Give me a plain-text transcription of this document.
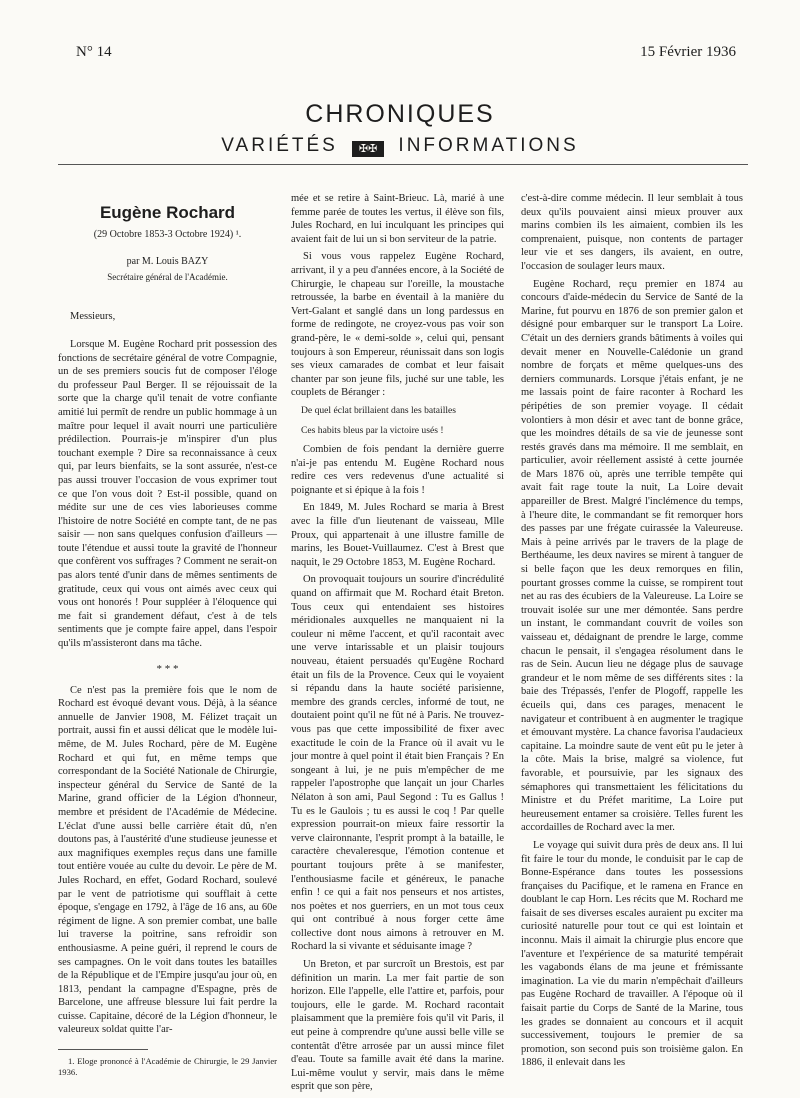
N° 14	15 Février 1936
CHRONIQUES
VARIÉTÉS ✠✠ INFORMATIONS
Eugène Rochard
(29 Octobre 1853-3 Octobre 1924) ¹.
par M. Louis BAZY
Secrétaire général de l'Académie.
Messieurs,

Lorsque M. Eugène Rochard prit possession des fonctions de secrétaire général de votre Compagnie, un de ses premiers soucis fut de composer l'éloge du professeur Paul Berger. Il se réjouissait de la sorte que la charge qu'il tenait de votre confiante amitié lui permît de rendre un public hommage à un maître pour lequel il avait nourri une particulière prédilection. Pourrais-je m'inspirer d'un plus touchant exemple ? Dire sa reconnaissance à ceux qui, par leurs bienfaits, se la sont assurée, n'est-ce pas aussi trouver l'occasion de vous exprimer tout ce que l'on vous doit ? Est-il possible, quand on médite sur une de ces vies laborieuses comme l'histoire de notre Société en compte tant, de ne pas saisir — non sans quelques confusion d'ailleurs — toute l'étendue et aussi toute la gravité de l'honneur que confèrent vos suffrages ? Comment ne serait-on pas alors tenté d'unir dans de mêmes sentiments de gratitude, ceux qui vous ont aimés avec ceux qui vous ont honorés ! Pour suppléer à l'éloquence qui me fait si grandement défaut, c'est à de tels sentiments que je compte faire appel, dans l'espoir qu'ils m'assisteront dans ma tâche.

* * *

Ce n'est pas la première fois que le nom de Rochard est évoqué devant vous. Déjà, à la séance annuelle de Janvier 1908, M. Félizet traçait un portrait, aussi fin et aussi délicat que le modèle lui-même, de M. Jules Rochard, père de M. Eugène Rochard et qui fut, en même temps que correspondant de la Société Nationale de Chirurgie, inspecteur général du Service de Santé de la Marine, grand officier de la Légion d'honneur, membre et président de l'Académie de Médecine. L'éclat d'une aussi belle carrière était dû, n'en doutons pas, à l'austérité d'une studieuse jeunesse et aux magnifiques exemples reçus dans une famille tout entière vouée au culte du devoir. Le père de M. Jules Rochard, en effet, Godard Rochard, soulevé par le vent de patriotisme qui soufflait à cette époque, s'engage en 1792, à l'âge de 16 ans, au 60e régiment de ligne. A son premier combat, une balle lui traverse la poitrine, sans refroidir son enthousiasme. A peine guéri, il reprend le cours de ses campagnes. On le voit dans toutes les batailles de la République et de l'Empire jusqu'au jour où, en 1813, pendant la campagne d'Espagne, près de Barcelone, une affreuse blessure lui fait perdre la cuisse. Capitaine, décoré de la Légion d'honneur, le valeureux soldat quitte l'ar-

1. Eloge prononcé à l'Académie de Chirurgie, le 29 Janvier 1936.

mée et se retire à Saint-Brieuc. Là, marié à une femme parée de toutes les vertus, il élève son fils, Jules Rochard, en lui inculquant les principes qui avaient fait de lui un si bon serviteur de la patrie.

Si vous vous rappelez Eugène Rochard, arrivant, il y a peu d'années encore, à la Société de Chirurgie, le chapeau sur l'oreille, la moustache retroussée, la barbe en éventail à la manière du Vert-Galant et sanglé dans un long pardessus en forme de redingote, ne croyez-vous pas voir son grand-père, le « demi-solde », celui qui, pensant toujours à son Empereur, réunissait dans son logis ses vieux camarades de combat et leur faisait chanter par son jeune fils, juché sur une table, les couplets de Béranger :

De quel éclat brillaient dans les batailles

Ces habits bleus par la victoire usés !

Combien de fois pendant la dernière guerre n'ai-je pas entendu M. Eugène Rochard nous redire ces vers redevenus d'une actualité si poignante et si épique à la fois !

En 1849, M. Jules Rochard se maria à Brest avec la fille d'un lieutenant de vaisseau, Mlle Proux, qui appartenait à une illustre famille de marins, les Bouet-Vuillaumez. C'est à Brest que naquit, le 29 Octobre 1853, M. Eugène Rochard.

On provoquait toujours un sourire d'incrédulité quand on affirmait que M. Rochard était Breton. Tous ceux qui entendaient ses histoires méridionales auxquelles ne manquaient ni la couleur ni même l'accent, et qu'il racontait avec une verve intarissable et un plaisir toujours nouveau, étaient persuadés qu'Eugène Rochard était un fils de la Provence. Ceux qui le voyaient si répandu dans la haute société parisienne, membre des grands cercles, informé de tout, ne doutaient point qu'il ne fût né à Paris. Ne trouvez-vous pas que cette impossibilité de fixer avec exactitude le coin de la France où il avait vu le jour montre à quel point il était bien Français ? En songeant à lui, je ne puis m'empêcher de me rappeler l'apostrophe que lançait un jour Charles Nélaton à son ami, Paul Segond : Tu es Gallus ! Tu es le Gaulois ; tu es aussi le coq ! Par quelle expression pourrait-on mieux faire ressortir la verve claironnante, l'esprit prompt à la bataille, le caractère chevaleresque, l'émotion contenue et pourtant toujours prête à se manifester, l'enthousiasme facile et généreux, le panache enfin ! ce qui a fait nos penseurs et nos artistes, nos poètes et nos guerriers, en un mot tous ceux qui ont contribué à nous forger cette âme collective dont nous aimons à retrouver en M. Rochard la si vivante et séduisante image ?

Un Breton, et par surcroît un Brestois, est par définition un marin. La mer fait partie de son horizon. Elle l'appelle, elle l'attire et, parfois, pour toujours, elle le garde. M. Rochard racontait plaisamment que la première fois qu'il vit Paris, il eut peine à comprendre qu'une aussi belle ville se contentât d'être arrosée par un aussi mince filet d'eau. Toute sa famille avait été dans la marine. Lui-même voulut y servir, mais dans le même esprit que son père,

c'est-à-dire comme médecin. Il leur semblait à tous deux qu'ils pouvaient ainsi mieux prouver aux marins combien ils les aimaient, combien ils les comprenaient, puisque, non contents de partager leur vie et ses dangers, ils avaient, en outre, l'occasion de soulager leurs maux.

Eugène Rochard, reçu premier en 1874 au concours d'aide-médecin du Service de Santé de la Marine, fut pourvu en 1876 de son premier galon et désigné pour embarquer sur le transport La Loire. C'était un des derniers grands bâtiments à voiles qui devait mener en Nouvelle-Calédonie un grand nombre de forçats et même quelques-uns des derniers communards. Lorsque j'étais enfant, je ne me lassais point de faire raconter à Rochard les péripéties de son premier voyage. Il cédait volontiers à mon désir et avec tant de bonne grâce, que les moindres détails de sa vie de jeunesse sont restés gravés dans ma mémoire. Il me semblait, en particulier, avoir réellement assisté à cette journée de Mars 1876 où, après une terrible tempête qui avait fait rage toute la nuit, La Loire devait appareiller de Brest. Malgré l'inclémence du temps, à l'heure dite, le commandant se fit remorquer hors des passes par une frégate cuirassée la Valeureuse. Mais à peine arrivés par le travers de la plage de Berthéaume, les deux navires se mirent à tanguer de si belle façon que les deux remorques en filin, pourtant grosses comme la cuisse, se rompirent tout net au ras des écubiers de la Valeureuse. La Loire se trouvait isolée sur une mer démontée. Sans perdre un instant, le commandant couvrit de voiles son vaisseau et, dédaignant de prendre le large, comme chacun le pensait, il s'engagea résolument dans le ras de Sein. Aucun lieu ne dégage plus de sauvage grandeur et le nom même de ses différents sites : la baie des Trépassés, l'enfer de Plogoff, rappelle les écueils qui, dans ces parages, menacent le navigateur et contribuent à en augmenter le tragique et émouvant mystère. La chance favorisa l'audacieux capitaine. La moindre saute de vent eût pu le jeter à la côte. Mais la brise, malgré sa violence, fut favorable, et poursuivie, par les signaux des sémaphores qui transmettaient les félicitations du Ministre et du Préfet maritime, La Loire put heureusement entamer sa croisière. Telles furent les accordailles de Rochard avec la mer.

Le voyage qui suivit dura près de deux ans. Il lui fit faire le tour du monde, le conduisit par le cap de Bonne-Espérance dans toutes les possessions françaises du Pacifique, et le ramena en France en doublant le cap Horn. Les récits que M. Rochard me faisait de ses diverses escales auraient pu exciter ma curiosité naturelle pour tout ce qui est lointain et inconnu. Mais il aimait la chirurgie plus encore que l'aventure et l'expérience de sa maturité tempérait les vagabonds élans de ma jeune et frémissante imagination. La vie du marin n'empêchait d'ailleurs pas Eugène Rochard de travailler. A l'époque où il faisait partie du Corps de Santé de la Marine, tous les grades se donnaient au concours et il acquit successivement, toujours le premier de sa promotion, son second puis son troisième galon. En 1886, il enlevait dans les
